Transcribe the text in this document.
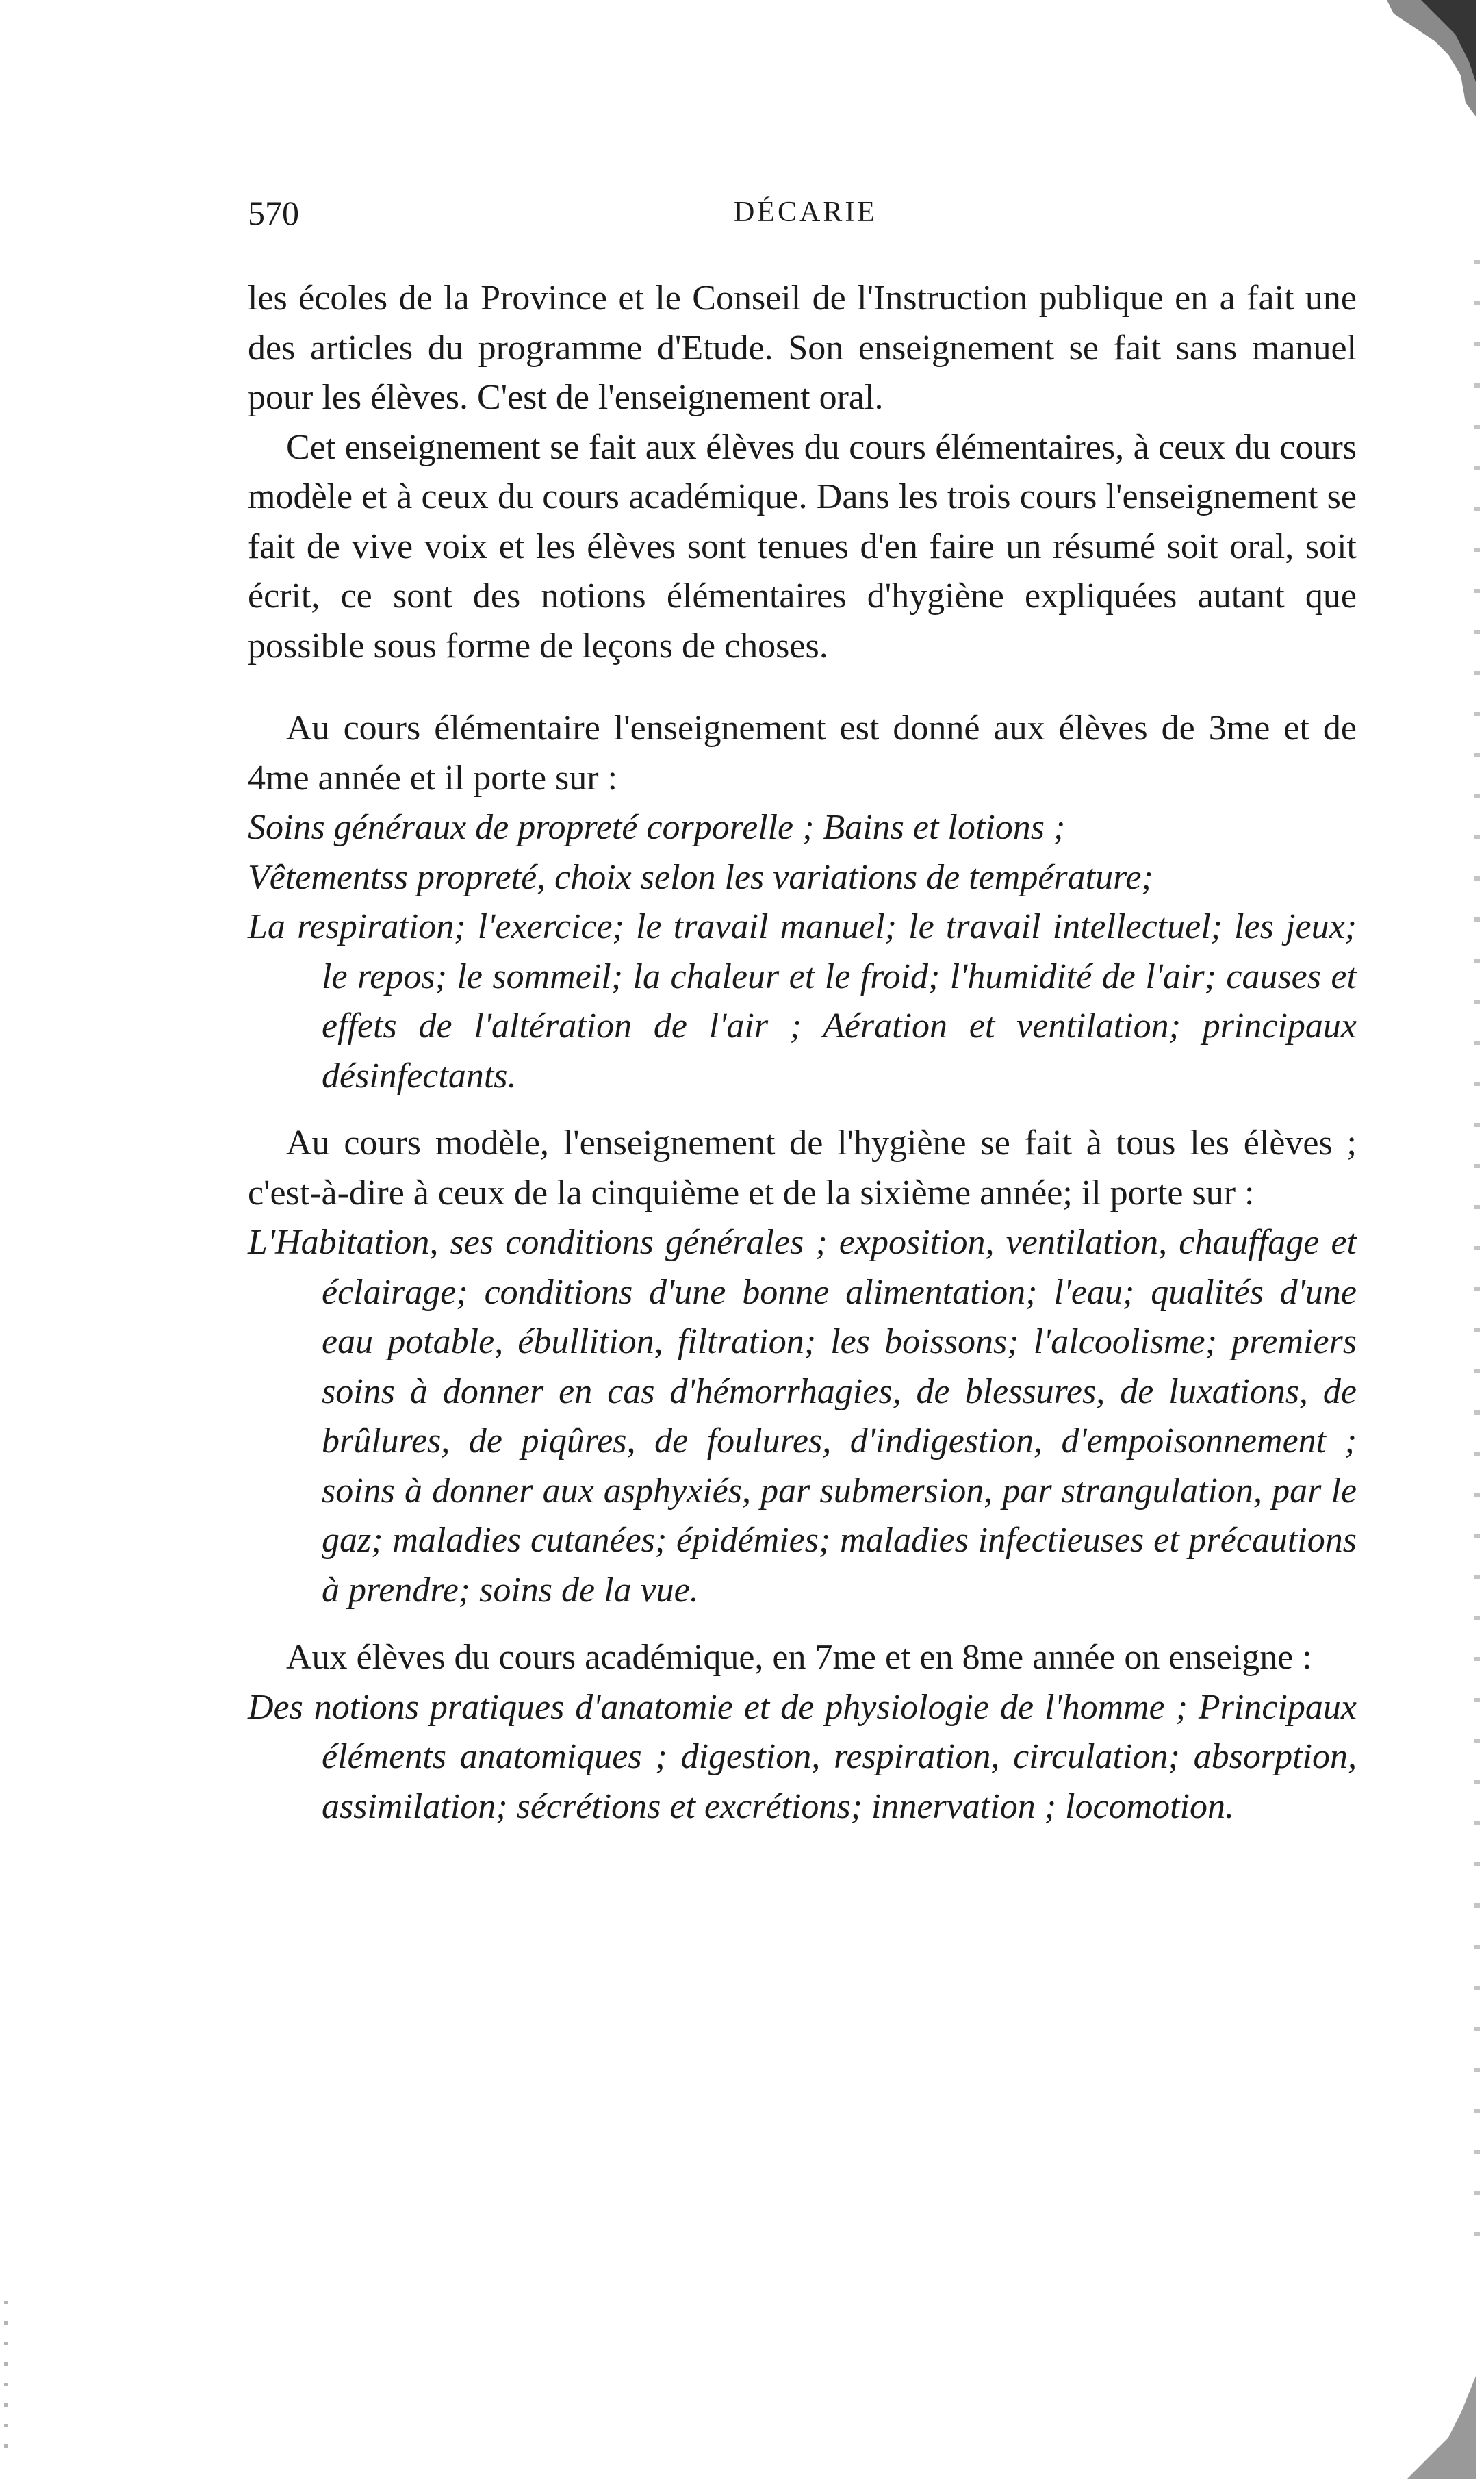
570	DÉCARIE

les écoles de la Province et le Conseil de l'Instruction publique en a fait une des articles du programme d'Etude. Son enseignement se fait sans manuel pour les élèves. C'est de l'enseignement oral.

Cet enseignement se fait aux élèves du cours élémentaires, à ceux du cours modèle et à ceux du cours académique. Dans les trois cours l'enseignement se fait de vive voix et les élèves sont tenues d'en faire un résumé soit oral, soit écrit, ce sont des notions élémentaires d'hygiène expliquées autant que possible sous forme de leçons de choses.

Au cours élémentaire l'enseignement est donné aux élèves de 3me et de 4me année et il porte sur :

Soins généraux de propreté corporelle ; Bains et lotions ;
Vêtementss propreté, choix selon les variations de température;
La respiration; l'exercice; le travail manuel; le travail intellectuel; les jeux; le repos; le sommeil; la chaleur et le froid; l'humidité de l'air; causes et effets de l'altération de l'air ; Aération et ventilation; principaux désinfectants.

Au cours modèle, l'enseignement de l'hygiène se fait à tous les élèves ; c'est-à-dire à ceux de la cinquième et de la sixième année; il porte sur :

L'Habitation, ses conditions générales ; exposition, ventilation, chauffage et éclairage; conditions d'une bonne alimentation; l'eau; qualités d'une eau potable, ébullition, filtration; les boissons; l'alcoolisme; premiers soins à donner en cas d'hémorrhagies, de blessures, de luxations, de brûlures, de piqûres, de foulures, d'indigestion, d'empoisonnement ; soins à donner aux asphyxiés, par submersion, par strangulation, par le gaz; maladies cutanées; épidémies; maladies infectieuses et précautions à prendre; soins de la vue.

Aux élèves du cours académique, en 7me et en 8me année on enseigne :

Des notions pratiques d'anatomie et de physiologie de l'homme ; Principaux éléments anatomiques ; digestion, respiration, circulation; absorption, assimilation; sécrétions et excrétions; innervation ; locomotion.
